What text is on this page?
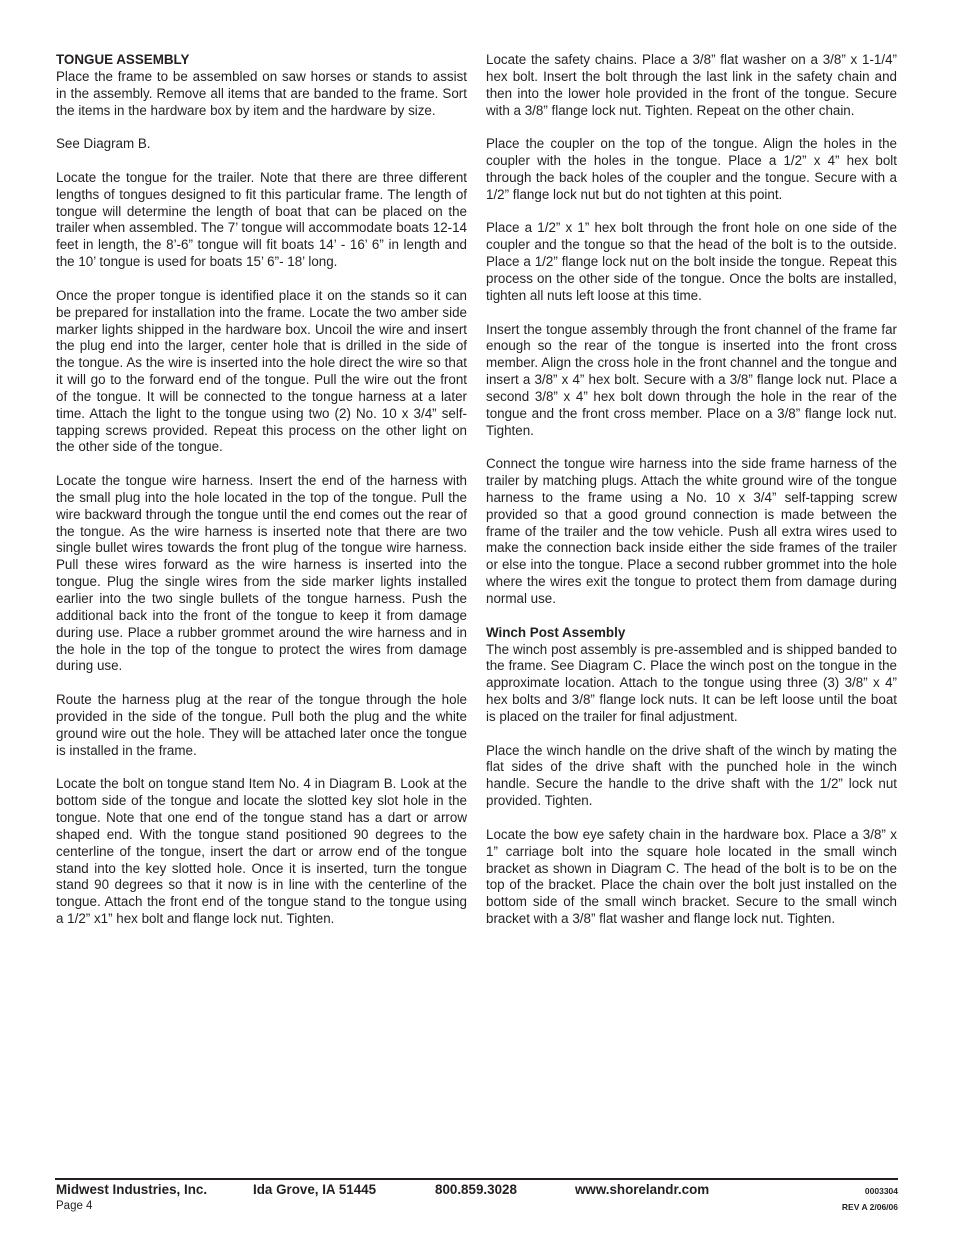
TONGUE ASSEMBLY
Place the frame to be assembled on saw horses or stands to assist in the assembly. Remove all items that are banded to the frame. Sort the items in the hardware box by item and the hardware by size.

See Diagram B.

Locate the tongue for the trailer. Note that there are three different lengths of tongues designed to fit this particular frame. The length of tongue will determine the length of boat that can be placed on the trailer when assembled. The 7’ tongue will accommodate boats 12-14 feet in length, the 8’-6” tongue will fit boats 14’ - 16’ 6” in length and the 10’ tongue is used for boats 15’ 6”- 18’ long.

Once the proper tongue is identified place it on the stands so it can be prepared for installation into the frame. Locate the two amber side marker lights shipped in the hardware box. Uncoil the wire and insert the plug end into the larger, center hole that is drilled in the side of the tongue. As the wire is inserted into the hole direct the wire so that it will go to the forward end of the tongue. Pull the wire out the front of the tongue. It will be connected to the tongue harness at a later time. Attach the light to the tongue using two (2) No. 10 x 3/4” self-tapping screws provided. Repeat this process on the other light on the other side of the tongue.

Locate the tongue wire harness. Insert the end of the harness with the small plug into the hole located in the top of the tongue. Pull the wire backward through the tongue until the end comes out the rear of the tongue. As the wire harness is inserted note that there are two single bullet wires towards the front plug of the tongue wire harness. Pull these wires forward as the wire harness is inserted into the tongue. Plug the single wires from the side marker lights installed earlier into the two single bullets of the tongue harness. Push the additional back into the front of the tongue to keep it from damage during use. Place a rubber grommet around the wire harness and in the hole in the top of the tongue to protect the wires from damage during use.

Route the harness plug at the rear of the tongue through the hole provided in the side of the tongue. Pull both the plug and the white ground wire out the hole. They will be attached later once the tongue is installed in the frame.

Locate the bolt on tongue stand Item No. 4 in Diagram B. Look at the bottom side of the tongue and locate the slotted key slot hole in the tongue. Note that one end of the tongue stand has a dart or arrow shaped end. With the tongue stand positioned 90 degrees to the centerline of the tongue, insert the dart or arrow end of the tongue stand into the key slotted hole. Once it is inserted, turn the tongue stand 90 degrees so that it now is in line with the centerline of the tongue. Attach the front end of the tongue stand to the tongue using a 1/2” x1” hex bolt and flange lock nut. Tighten.

Locate the safety chains. Place a 3/8” flat washer on a 3/8” x 1-1/4” hex bolt. Insert the bolt through the last link in the safety chain and then into the lower hole provided in the front of the tongue. Secure with a 3/8” flange lock nut. Tighten. Repeat on the other chain.

Place the coupler on the top of the tongue. Align the holes in the coupler with the holes in the tongue. Place a 1/2” x 4” hex bolt through the back holes of the coupler and the tongue. Secure with a 1/2” flange lock nut but do not tighten at this point.

Place a 1/2” x 1” hex bolt through the front hole on one side of the coupler and the tongue so that the head of the bolt is to the outside. Place a 1/2” flange lock nut on the bolt inside the tongue. Repeat this process on the other side of the tongue. Once the bolts are installed, tighten all nuts left loose at this time.

Insert the tongue assembly through the front channel of the frame far enough so the rear of the tongue is inserted into the front cross member. Align the cross hole in the front channel and the tongue and insert a 3/8” x 4” hex bolt. Secure with a 3/8” flange lock nut. Place a second 3/8” x 4” hex bolt down through the hole in the rear of the tongue and the front cross member. Place on a 3/8” flange lock nut. Tighten.

Connect the tongue wire harness into the side frame harness of the trailer by matching plugs. Attach the white ground wire of the tongue harness to the frame using a No. 10 x 3/4” self-tapping screw provided so that a good ground connection is made between the frame of the trailer and the tow vehicle. Push all extra wires used to make the connection back inside either the side frames of the trailer or else into the tongue. Place a second rubber grommet into the hole where the wires exit the tongue to protect them from damage during normal use.

Winch Post Assembly
The winch post assembly is pre-assembled and is shipped banded to the frame. See Diagram C. Place the winch post on the tongue in the approximate location. Attach to the tongue using three (3) 3/8” x 4” hex bolts and 3/8” flange lock nuts. It can be left loose until the boat is placed on the trailer for final adjustment.

Place the winch handle on the drive shaft of the winch by mating the flat sides of the drive shaft with the punched hole in the winch handle. Secure the handle to the drive shaft with the 1/2” lock nut provided. Tighten.

Locate the bow eye safety chain in the hardware box. Place a 3/8” x 1” carriage bolt into the square hole located in the small winch bracket as shown in Diagram C. The head of the bolt is to be on the top of the bracket. Place the chain over the bolt just installed on the bottom side of the small winch bracket. Secure to the small winch bracket with a 3/8” flat washer and flange lock nut. Tighten.

Midwest Industries, Inc.	Ida Grove, IA 51445	800.859.3028	www.shorelandr.com
Page 4
0003304
REV A 2/06/06
